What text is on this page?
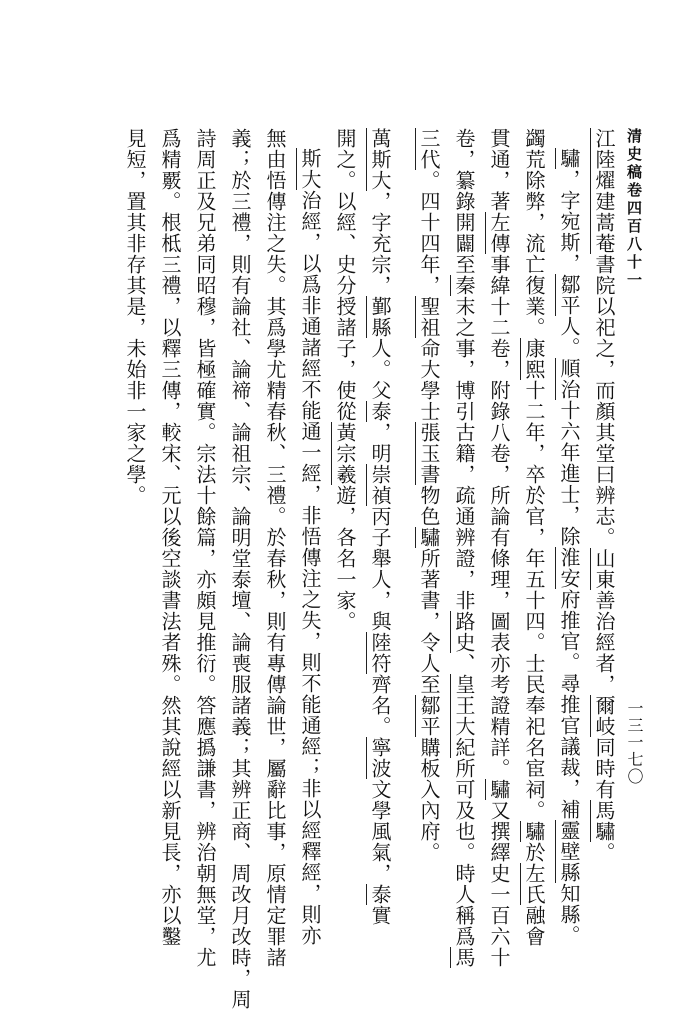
清史稿卷四百八十一
一三一七〇
江陸燿建蒿菴書院以祀之，而顏其堂曰辨志。山東善治經者，爾岐同時有馬驌。
驌，字宛斯，鄒平人。順治十六年進士，除淮安府推官。尋推官議裁，補靈壁縣知縣。
蠲荒除弊，流亡復業。康熙十二年，卒於官，年五十四。士民奉祀名宦祠。驌於左氏融會
貫通，著左傳事緯十二卷，附錄八卷，所論有條理，圖表亦考證精詳。驌又撰繹史一百六十
卷，纂錄開闢至秦末之事，博引古籍，疏通辨證，非路史、皇王大紀所可及也。時人稱爲馬
三代。四十四年，聖祖命大學士張玉書物色驌所著書，令人至鄒平購板入內府。
萬斯大，字充宗，鄞縣人。父泰，明崇禎丙子舉人，與陸符齊名。寧波文學風氣，泰實
開之。以經、史分授諸子，使從黃宗羲遊，各名一家。
斯大治經，以爲非通諸經不能通一經，非悟傳注之失，則不能通經；非以經釋經，則亦
無由悟傳注之失。其爲學尤精春秋、三禮。於春秋，則有專傳論世，屬辭比事，原情定罪諸
義；於三禮，則有論社、論禘、論祖宗、論明堂泰壇、論喪服諸義；其辨正商、周改月改時，周
詩周正及兄弟同昭穆，皆極確實。宗法十餘篇，亦頗見推衍。答應撝謙書，辨治朝無堂，尤
爲精覈。根柢三禮，以釋三傳，較宋、元以後空談書法者殊。然其說經以新見長，亦以鑿
見短，置其非存其是，未始非一家之學。
